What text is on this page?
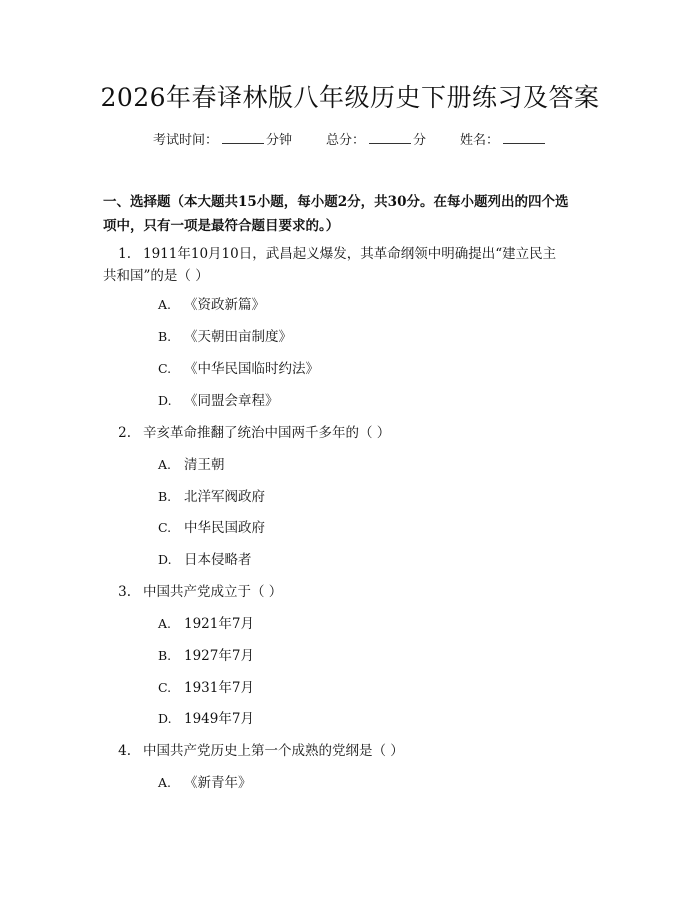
2026年春译林版八年级历史下册练习及答案
考试时间：	分钟	总分：	分	姓名：
一、选择题（本大题共15小题，每小题2分，共30分。在每小题列出的四个选
项中，只有一项是最符合题目要求的。）
1. 1911年10月10日，武昌起义爆发，其革命纲领中明确提出“建立民主
共和国”的是（ ）
A. 《资政新篇》
B. 《天朝田亩制度》
C. 《中华民国临时约法》
D. 《同盟会章程》
2. 辛亥革命推翻了统治中国两千多年的（ ）
A. 清王朝
B. 北洋军阀政府
C. 中华民国政府
D. 日本侵略者
3. 中国共产党成立于（ ）
A. 1921年7月
B. 1927年7月
C. 1931年7月
D. 1949年7月
4. 中国共产党历史上第一个成熟的党纲是（ ）
A. 《新青年》
